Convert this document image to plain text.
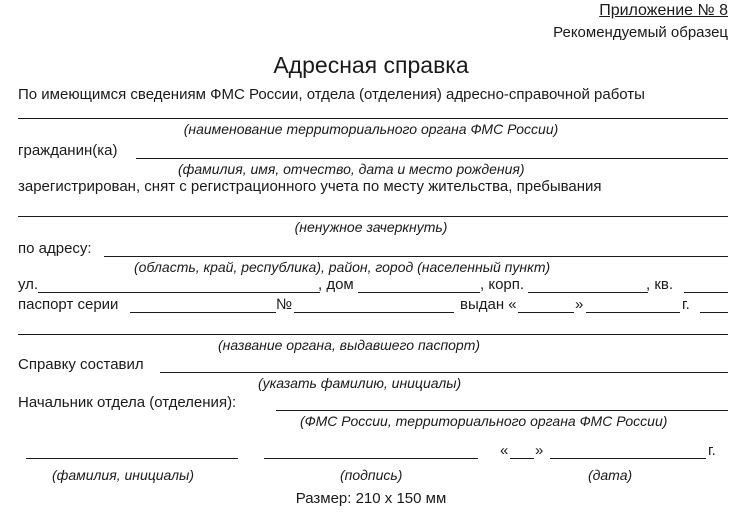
Приложение № 8
Рекомендуемый образец
Адресная справка
По имеющимся сведениям ФМС России, отдела (отделения) адресно-справочной работы
(наименование территориального органа ФМС России)
гражданин(ка)
(фамилия, имя, отчество, дата и место рождения)
зарегистрирован, снят с регистрационного учета по месту жительства, пребывания
(ненужное зачеркнуть)
по адресу:
(область, край, республика), район, город (населенный пункт)
ул.	, дом	, корп.	, кв.
паспорт серии	№	выдан «	»	г.
(название органа, выдавшего паспорт)
Справку составил
(указать фамилию, инициалы)
Начальник отдела (отделения):
(ФМС России, территориального органа ФМС России)
« »	г.
(фамилия, инициалы)	(подпись)	(дата)
Размер: 210 х 150 мм
